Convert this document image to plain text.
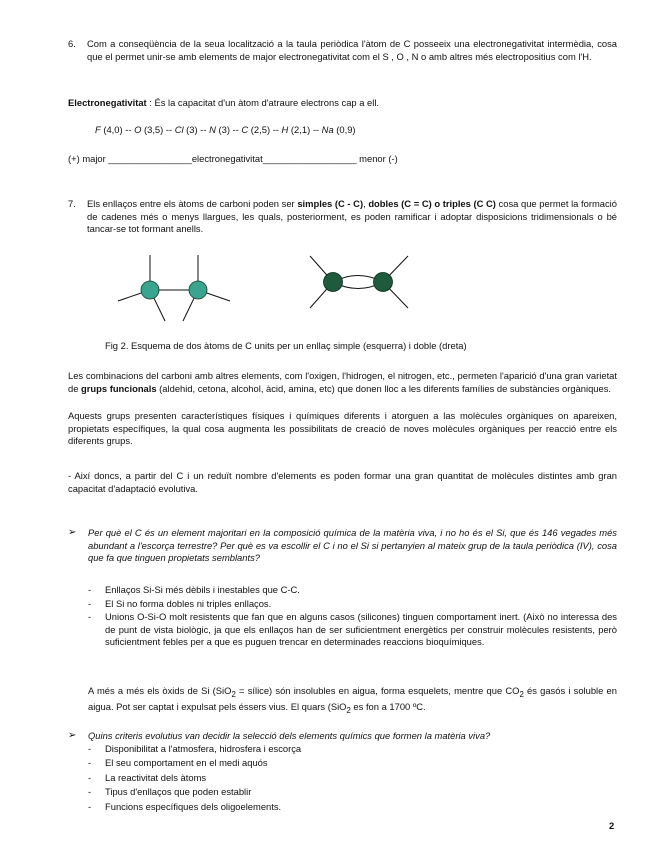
6. Com a conseqüència de la seua localització a la taula periòdica l'àtom de C posseeix una electronegativitat intermèdia, cosa que el permet unir-se amb elements de major electronegativitat com el S , O , N o amb altres més electropositius com l'H.
Electronegativitat : És la capacitat d'un àtom d'atraure electrons cap a ell.
F (4,0) -- O (3,5) -- Cl (3) -- N (3) -- C (2,5) -- H (2,1) -- Na (0,9)
(+) major ________________electronegativitat__________________ menor (-)
7. Els enllaços entre els àtoms de carboni poden ser simples (C - C), dobles (C = C) o triples (C C) cosa que permet la formació de cadenes més o menys llargues, les quals, posteriorment, es poden ramificar i adoptar disposicions tridimensionals o bé tancar-se tot formant anells.
Fig 2. Esquema de dos àtoms de C units per un enllaç simple (esquerra) i doble (dreta)
Les combinacions del carboni amb altres elements, com l'oxigen, l'hidrogen, el nitrogen, etc., permeten l'aparició d'una gran varietat de grups funcionals (aldehid, cetona, alcohol, àcid, amina, etc) que donen lloc a les diferents famílies de substàncies orgàniques.
Aquests grups presenten característiques físiques i químiques diferents i atorguen a las molècules orgàniques on apareixen, propietats específiques, la qual cosa augmenta les possibilitats de creació de noves molècules orgàniques per reacció entre els diferents grups.
- Així doncs, a partir del C i un reduït nombre d'elements es poden formar una gran quantitat de molècules distintes amb gran capacitat d'adaptació evolutiva.
➢ Per què el C és un element majoritari en la composició química de la matèria viva, i no ho és el Si, que és 146 vegades més abundant a l'escorça terrestre? Per què es va escollir el C i no el Si si pertanyien al mateix grup de la taula periòdica (IV), cosa que fa que tinguen propietats semblants?
- Enllaços Si-Si més dèbils i inestables que C-C.
- El Si no forma dobles ni triples enllaços.
- Unions O-Si-O molt resistents que fan que en alguns casos (silicones) tinguen comportament inert. (Això no interessa des de punt de vista biològic, ja que els enllaços han de ser suficientment energètics per construir molècules resistents, però suficientment febles per a que es puguen trencar en determinades reaccions bioquímiques.
A més a més els òxids de Si (SiO$_2$ = sílice) són insolubles en aigua, forma esquelets, mentre que $CO_2$ és gasós i soluble en aigua. Pot ser captat i expulsat pels éssers vius. El quars (SiO$_2$ es fon a 1700 ºC.
➢ Quins criteris evolutius van decidir la selecció dels elements químics que formen la matèria viva?
- Disponibilitat a l'atmosfera, hidrosfera i escorça
- El seu comportament en el medi aquós
- La reactivitat dels àtoms
- Tipus d'enllaços que poden establir
- Funcions específiques dels oligoelements.
2
